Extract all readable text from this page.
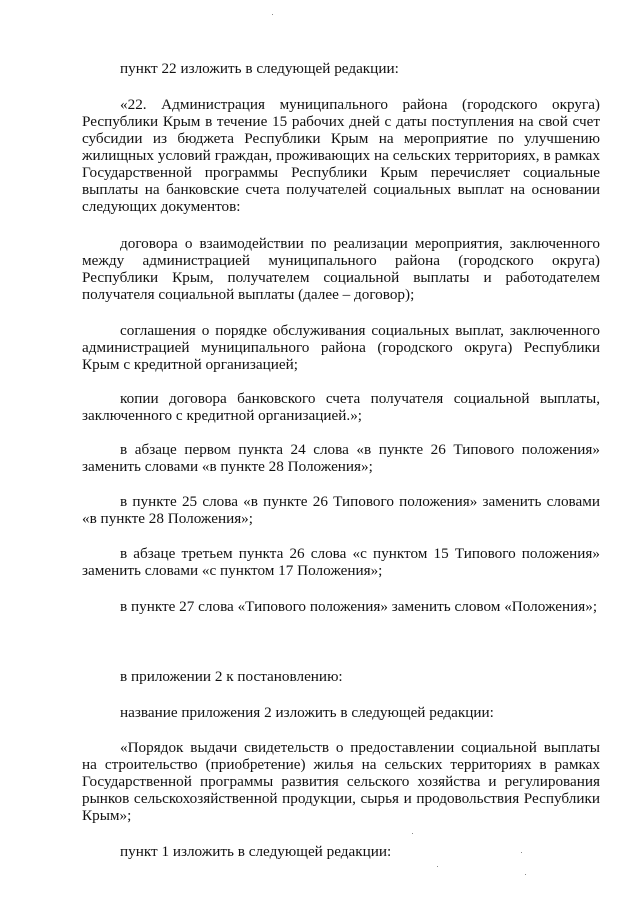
пункт 22 изложить в следующей редакции:

«22. Администрация муниципального района (городского округа) Республики Крым в течение 15 рабочих дней с даты поступления на свой счет субсидии из бюджета Республики Крым на мероприятие по улучшению жилищных условий граждан, проживающих на сельских территориях, в рамках Государственной программы Республики Крым перечисляет социальные выплаты на банковские счета получателей социальных выплат на основании следующих документов:

договора о взаимодействии по реализации мероприятия, заключенного между администрацией муниципального района (городского округа) Республики Крым, получателем социальной выплаты и работодателем получателя социальной выплаты (далее – договор);

соглашения о порядке обслуживания социальных выплат, заключенного администрацией муниципального района (городского округа) Республики Крым с кредитной организацией;

копии договора банковского счета получателя социальной выплаты, заключенного с кредитной организацией.»;

в абзаце первом пункта 24 слова «в пункте 26 Типового положения» заменить словами «в пункте 28 Положения»;

в пункте 25 слова «в пункте 26 Типового положения» заменить словами «в пункте 28 Положения»;

в абзаце третьем пункта 26 слова «с пунктом 15 Типового положения» заменить словами «с пунктом 17 Положения»;

в пункте 27 слова «Типового положения» заменить словом «Положения»;

в приложении 2 к постановлению:

название приложения 2 изложить в следующей редакции:

«Порядок выдачи свидетельств о предоставлении социальной выплаты на строительство (приобретение) жилья на сельских территориях в рамках Государственной программы развития сельского хозяйства и регулирования рынков сельскохозяйственной продукции, сырья и продовольствия Республики Крым»;

пункт 1 изложить в следующей редакции:
